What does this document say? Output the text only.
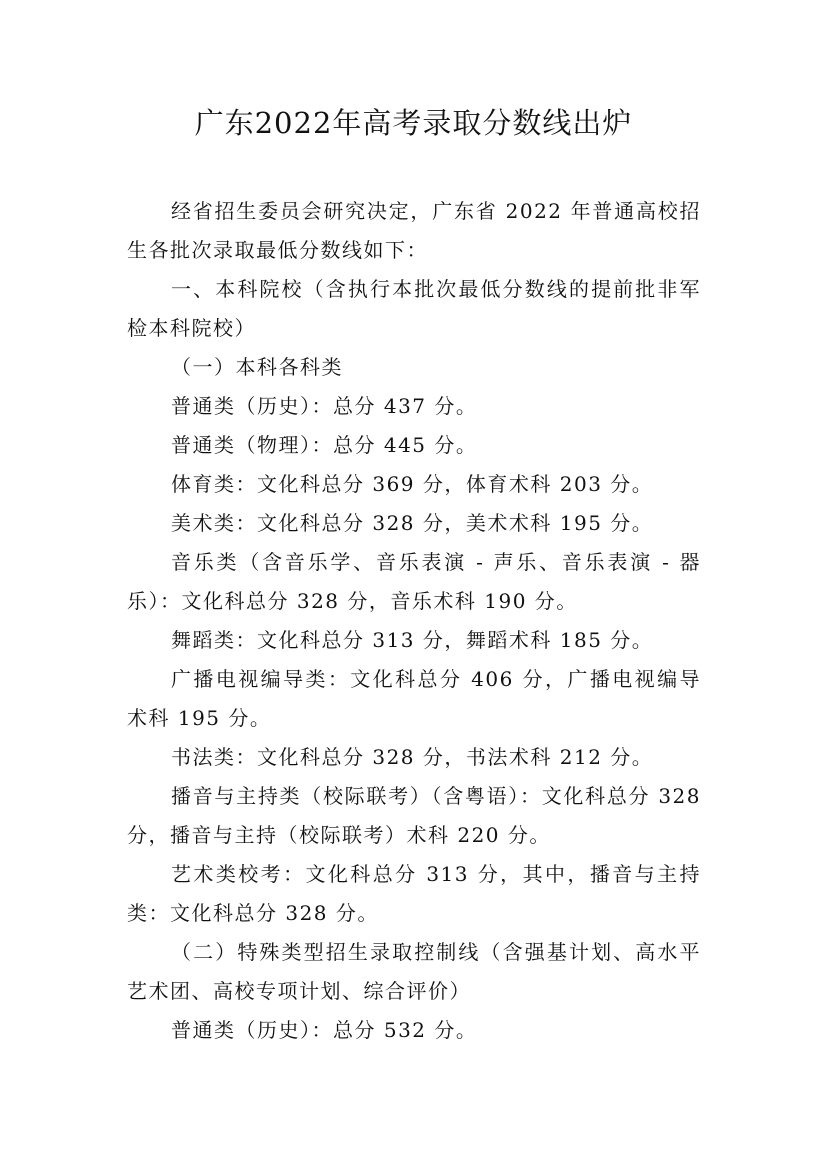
广东2022年高考录取分数线出炉

经省招生委员会研究决定，广东省 2022 年普通高校招生各批次录取最低分数线如下：

一、本科院校（含执行本批次最低分数线的提前批非军检本科院校）

（一）本科各科类

普通类（历史）：总分 437 分。

普通类（物理）：总分 445 分。

体育类：文化科总分 369 分，体育术科 203 分。

美术类：文化科总分 328 分，美术术科 195 分。

音乐类（含音乐学、音乐表演 - 声乐、音乐表演 - 器乐）：文化科总分 328 分，音乐术科 190 分。

舞蹈类：文化科总分 313 分，舞蹈术科 185 分。

广播电视编导类：文化科总分 406 分，广播电视编导术科 195 分。

书法类：文化科总分 328 分，书法术科 212 分。

播音与主持类（校际联考）（含粤语）：文化科总分 328 分，播音与主持（校际联考）术科 220 分。

艺术类校考：文化科总分 313 分，其中，播音与主持类：文化科总分 328 分。

（二）特殊类型招生录取控制线（含强基计划、高水平艺术团、高校专项计划、综合评价）

普通类（历史）：总分 532 分。
